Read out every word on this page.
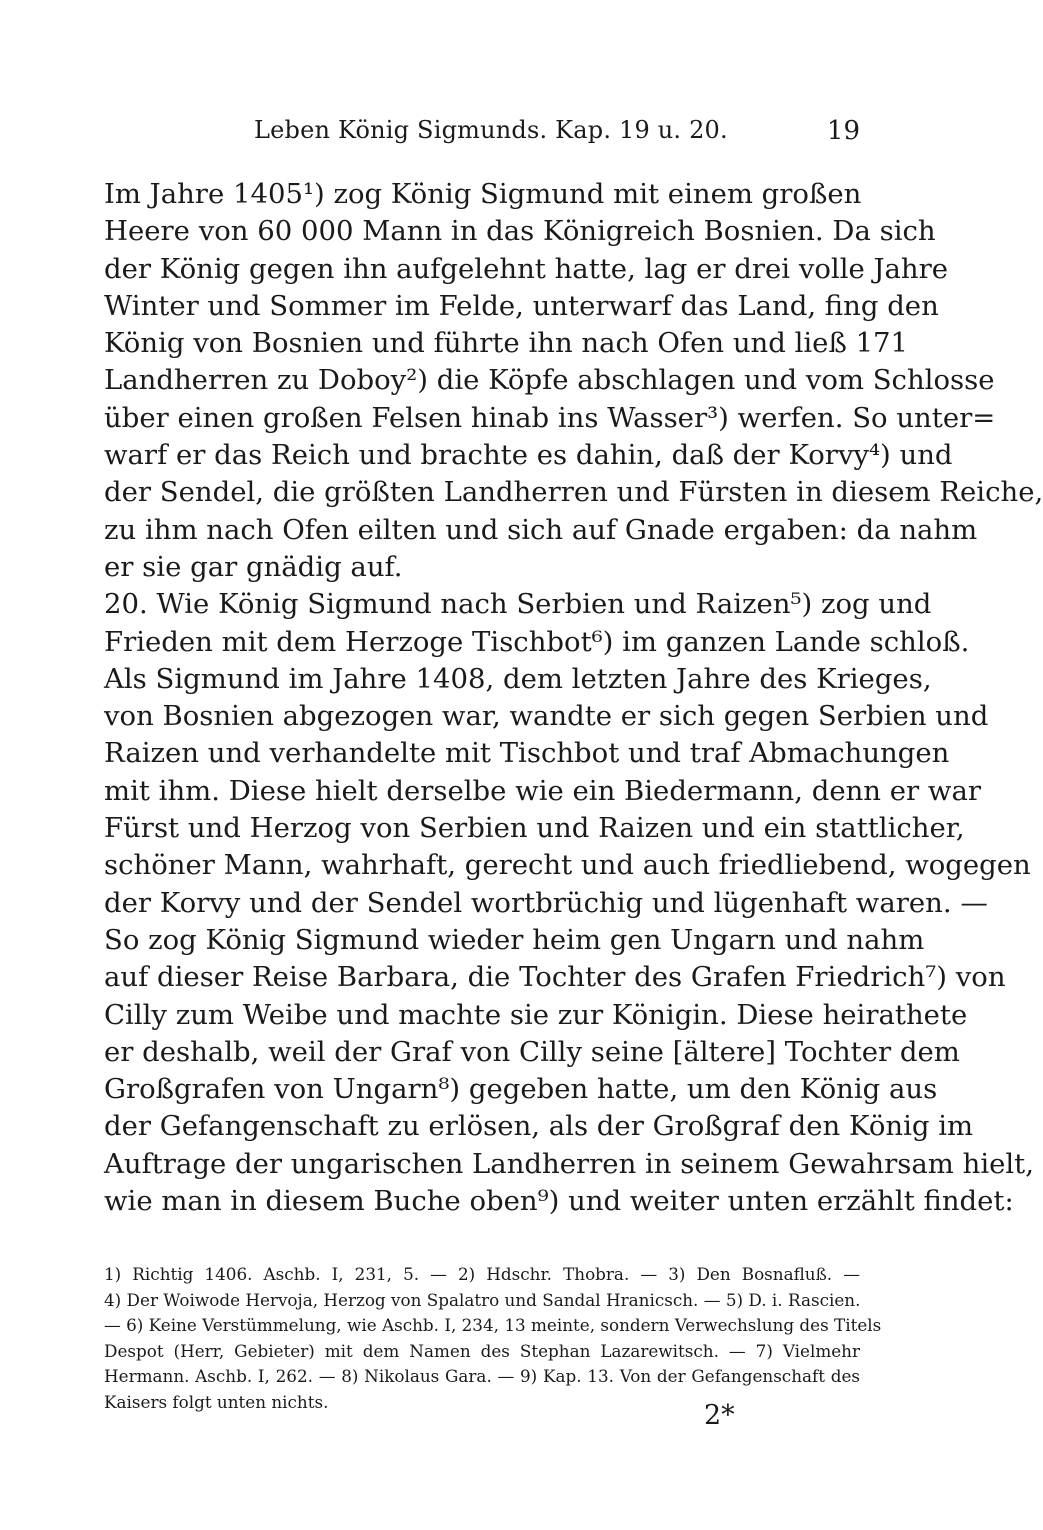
Leben König Sigmunds. Kap. 19 u. 20.	19
Im Jahre 1405¹) zog König Sigmund mit einem großen
Heere von 60 000 Mann in das Königreich Bosnien. Da sich
der König gegen ihn aufgelehnt hatte, lag er drei volle Jahre
Winter und Sommer im Felde, unterwarf das Land, fing den
König von Bosnien und führte ihn nach Ofen und ließ 171
Landherren zu Doboy²) die Köpfe abschlagen und vom Schlosse
über einen großen Felsen hinab ins Wasser³) werfen. So unter=
warf er das Reich und brachte es dahin, daß der Korvy⁴) und
der Sendel, die größten Landherren und Fürsten in diesem Reiche,
zu ihm nach Ofen eilten und sich auf Gnade ergaben: da nahm
er sie gar gnädig auf.
20. Wie König Sigmund nach Serbien und Raizen⁵) zog und
Frieden mit dem Herzoge Tischbot⁶) im ganzen Lande schloß.
Als Sigmund im Jahre 1408, dem letzten Jahre des Krieges,
von Bosnien abgezogen war, wandte er sich gegen Serbien und
Raizen und verhandelte mit Tischbot und traf Abmachungen
mit ihm. Diese hielt derselbe wie ein Biedermann, denn er war
Fürst und Herzog von Serbien und Raizen und ein stattlicher,
schöner Mann, wahrhaft, gerecht und auch friedliebend, wogegen
der Korvy und der Sendel wortbrüchig und lügenhaft waren. —
So zog König Sigmund wieder heim gen Ungarn und nahm
auf dieser Reise Barbara, die Tochter des Grafen Friedrich⁷) von
Cilly zum Weibe und machte sie zur Königin. Diese heirathete
er deshalb, weil der Graf von Cilly seine [ältere] Tochter dem
Großgrafen von Ungarn⁸) gegeben hatte, um den König aus
der Gefangenschaft zu erlösen, als der Großgraf den König im
Auftrage der ungarischen Landherren in seinem Gewahrsam hielt,
wie man in diesem Buche oben⁹) und weiter unten erzählt findet:
1) Richtig 1406. Aschb. I, 231, 5. — 2) Hdschr. Thobra. — 3) Den Bosnafluß. —
4) Der Woiwode Hervoja, Herzog von Spalatro und Sandal Hranicsch. — 5) D. i. Rascien.
— 6) Keine Verstümmelung, wie Aschb. I, 234, 13 meinte, sondern Verwechslung des Titels
Despot (Herr, Gebieter) mit dem Namen des Stephan Lazarewitsch. — 7) Vielmehr
Hermann. Aschb. I, 262. — 8) Nikolaus Gara. — 9) Kap. 13. Von der Gefangenschaft des
Kaisers folgt unten nichts.	2*
